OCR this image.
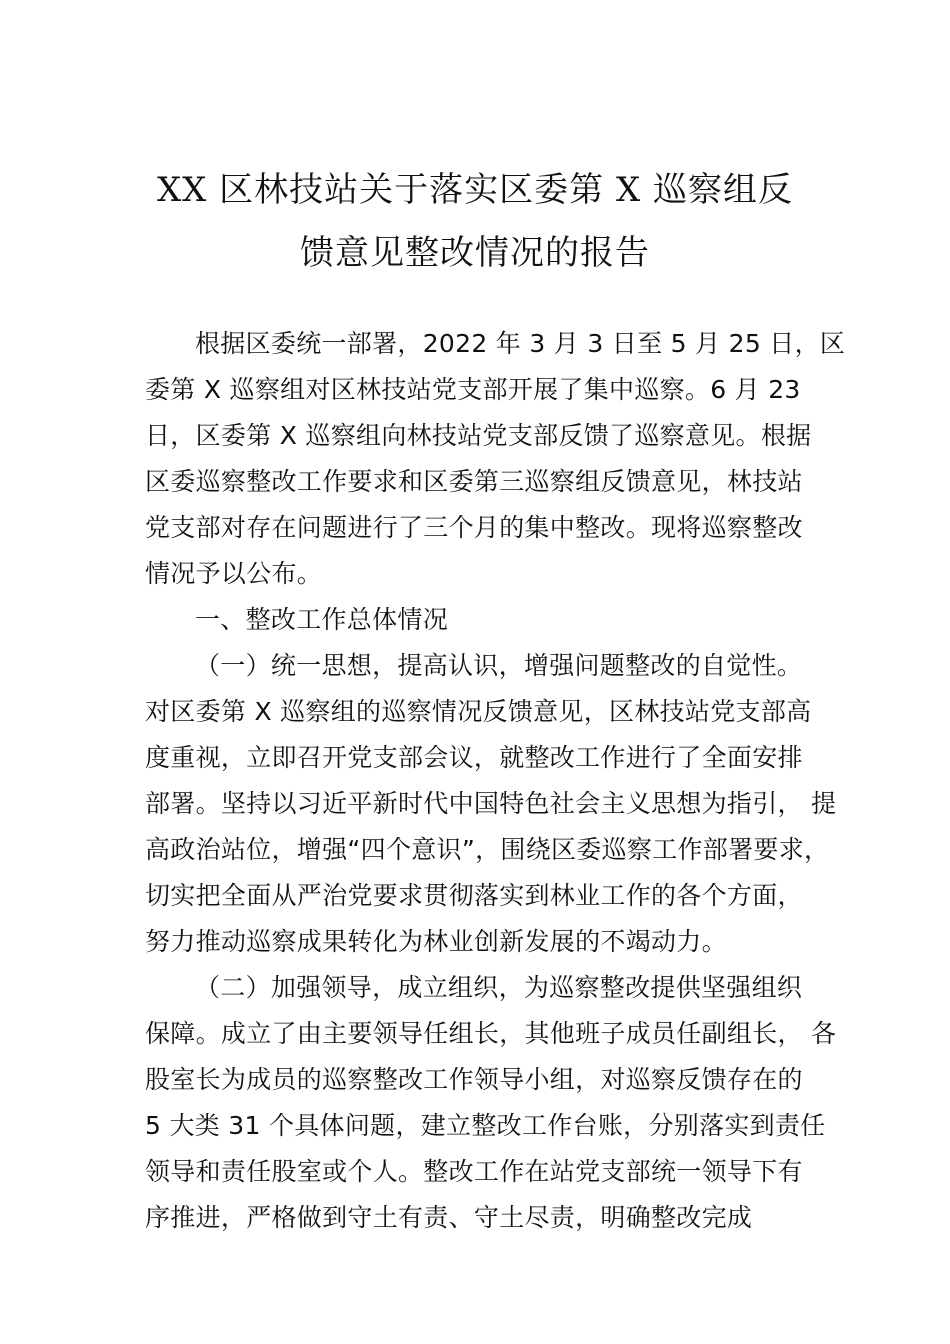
XX 区林技站关于落实区委第 X 巡察组反
馈意见整改情况的报告
根据区委统一部署，2022 年 3 月 3 日至 5 月 25 日，区
委第 X 巡察组对区林技站党支部开展了集中巡察。6 月 23
日，区委第 X 巡察组向林技站党支部反馈了巡察意见。根据
区委巡察整改工作要求和区委第三巡察组反馈意见，林技站
党支部对存在问题进行了三个月的集中整改。现将巡察整改
情况予以公布。
一、整改工作总体情况
（一）统一思想，提高认识，增强问题整改的自觉性。
对区委第 X 巡察组的巡察情况反馈意见，区林技站党支部高
度重视，立即召开党支部会议，就整改工作进行了全面安排
部署。坚持以习近平新时代中国特色社会主义思想为指引， 提
高政治站位，增强“四个意识”，围绕区委巡察工作部署要求，
切实把全面从严治党要求贯彻落实到林业工作的各个方面，
努力推动巡察成果转化为林业创新发展的不竭动力。
（二）加强领导，成立组织，为巡察整改提供坚强组织
保障。成立了由主要领导任组长，其他班子成员任副组长， 各
股室长为成员的巡察整改工作领导小组，对巡察反馈存在的
5 大类 31 个具体问题，建立整改工作台账，分别落实到责任
领导和责任股室或个人。整改工作在站党支部统一领导下有
序推进，严格做到守土有责、守土尽责，明确整改完成
